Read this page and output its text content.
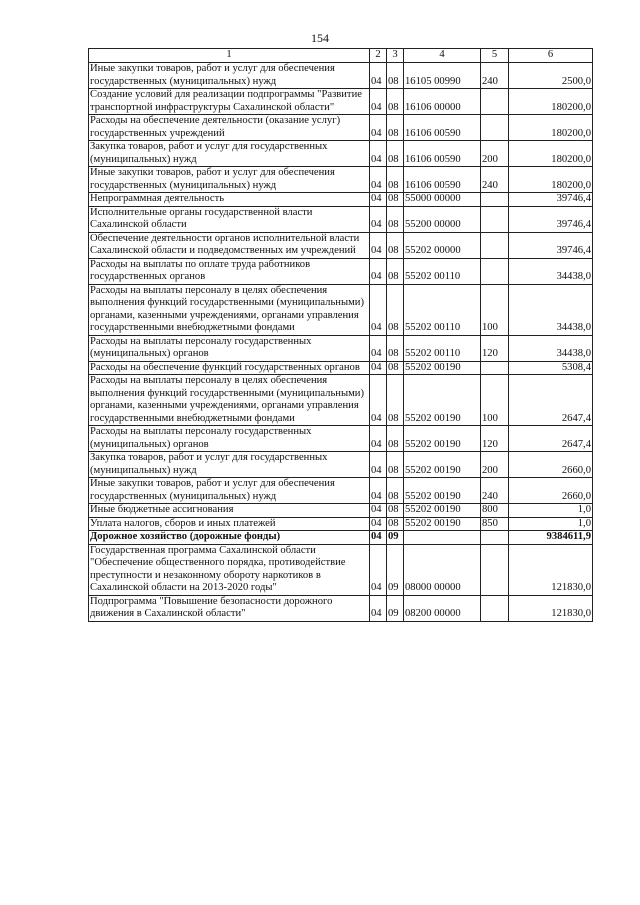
154
1	2	3	4	5	6
Иные закупки товаров, работ и услуг для обеспечения государственных (муниципальных) нужд	04	08	16105 00990	240	2500,0
Создание условий для реализации подпрограммы "Развитие транспортной инфраструктуры Сахалинской области"	04	08	16106 00000		180200,0
Расходы на обеспечение деятельности (оказание услуг) государственных учреждений	04	08	16106 00590		180200,0
Закупка товаров, работ и услуг для государственных (муниципальных) нужд	04	08	16106 00590	200	180200,0
Иные закупки товаров, работ и услуг для обеспечения государственных (муниципальных) нужд	04	08	16106 00590	240	180200,0
Непрограммная деятельность	04	08	55000 00000		39746,4
Исполнительные органы государственной власти Сахалинской области	04	08	55200 00000		39746,4
Обеспечение деятельности органов исполнительной власти Сахалинской области и подведомственных им учреждений	04	08	55202 00000		39746,4
Расходы на выплаты по оплате труда работников государственных органов	04	08	55202 00110		34438,0
Расходы на выплаты персоналу в целях обеспечения выполнения функций государственными (муниципальными) органами, казенными учреждениями, органами управления государственными внебюджетными фондами	04	08	55202 00110	100	34438,0
Расходы на выплаты персоналу государственных (муниципальных) органов	04	08	55202 00110	120	34438,0
Расходы на обеспечение функций государственных органов	04	08	55202 00190		5308,4
Расходы на выплаты персоналу в целях обеспечения выполнения функций государственными (муниципальными) органами, казенными учреждениями, органами управления государственными внебюджетными фондами	04	08	55202 00190	100	2647,4
Расходы на выплаты персоналу государственных (муниципальных) органов	04	08	55202 00190	120	2647,4
Закупка товаров, работ и услуг для государственных (муниципальных) нужд	04	08	55202 00190	200	2660,0
Иные закупки товаров, работ и услуг для обеспечения государственных (муниципальных) нужд	04	08	55202 00190	240	2660,0
Иные бюджетные ассигнования	04	08	55202 00190	800	1,0
Уплата налогов, сборов и иных платежей	04	08	55202 00190	850	1,0
Дорожное хозяйство (дорожные фонды)	04	09			9384611,9
Государственная программа Сахалинской области "Обеспечение общественного порядка, противодействие преступности и незаконному обороту наркотиков в Сахалинской области на 2013-2020 годы"	04	09	08000 00000		121830,0
Подпрограмма "Повышение безопасности дорожного движения в Сахалинской области"	04	09	08200 00000		121830,0
